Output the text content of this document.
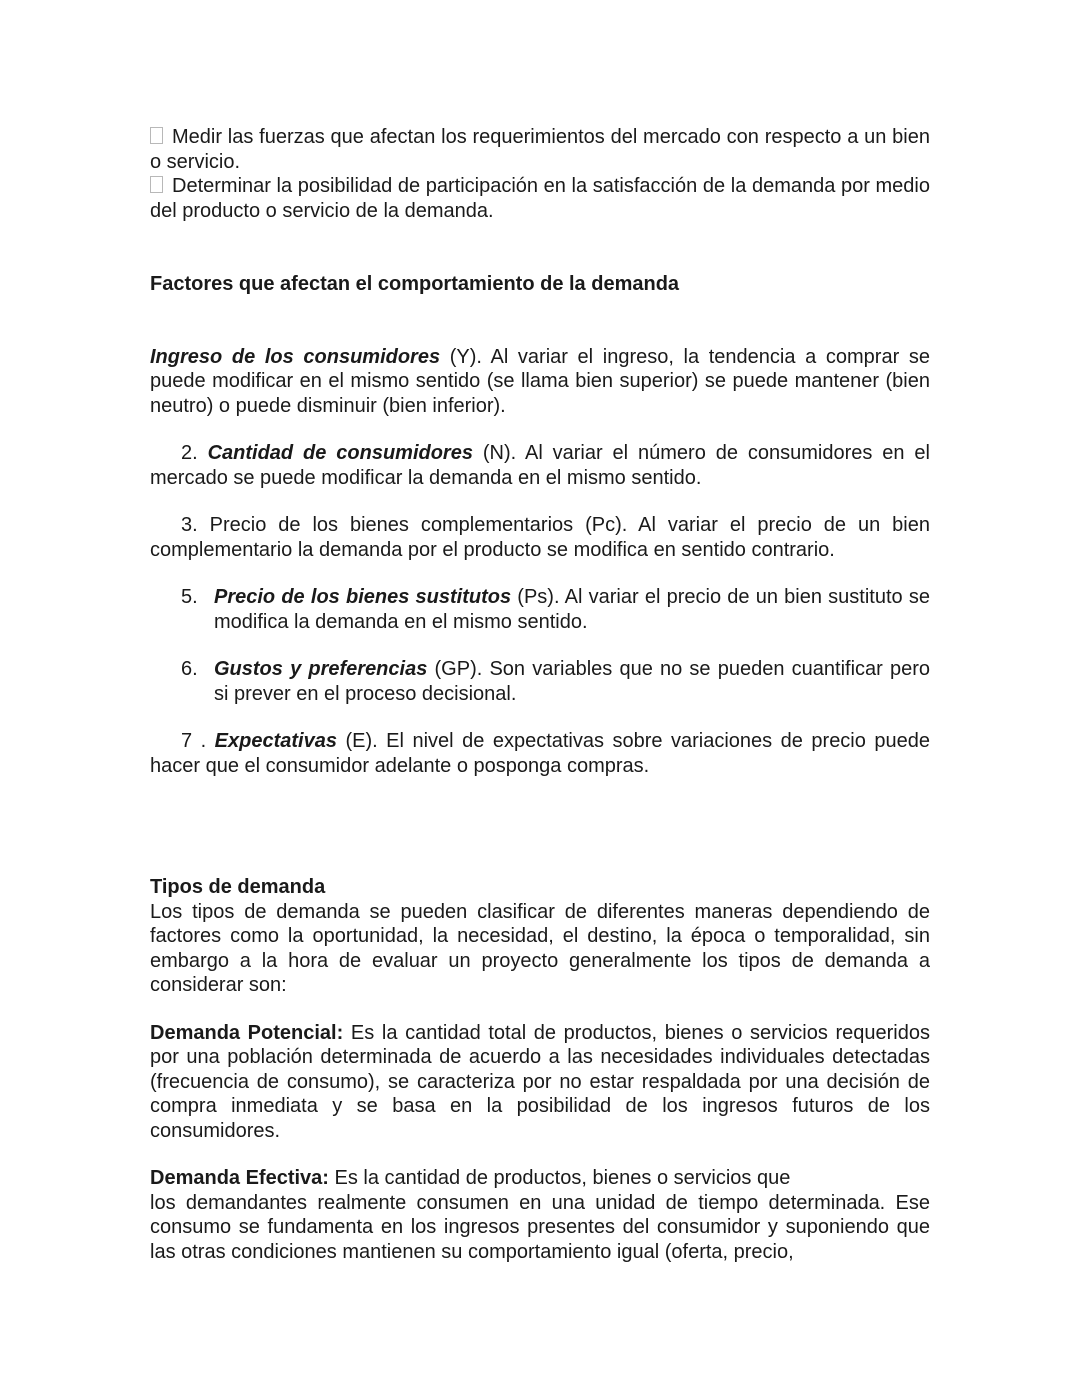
Medir las fuerzas que afectan los requerimientos del mercado con respecto a un bien o servicio.

Determinar la posibilidad de participación en la satisfacción de la demanda por medio del producto o servicio de la demanda.

Factores que afectan el comportamiento de la demanda

Ingreso de los consumidores (Y). Al variar el ingreso, la tendencia a comprar se puede modificar en el mismo sentido (se llama bien superior) se puede mantener (bien neutro) o puede disminuir (bien inferior).

2. Cantidad de consumidores (N). Al variar el número de consumidores en el mercado se puede modificar la demanda en el mismo sentido.

3. Precio de los bienes complementarios (Pc). Al variar el precio de un bien complementario la demanda por el producto se modifica en sentido contrario.

5. Precio de los bienes sustitutos (Ps). Al variar el precio de un bien sustituto se modifica la demanda en el mismo sentido.

6. Gustos y preferencias (GP). Son variables que no se pueden cuantificar pero si prever en el proceso decisional.

7 . Expectativas (E). El nivel de expectativas sobre variaciones de precio puede hacer que el consumidor adelante o posponga compras.

Tipos de demanda

Los tipos de demanda se pueden clasificar de diferentes maneras dependiendo de factores como la oportunidad, la necesidad, el destino, la época o temporalidad, sin embargo a la hora de evaluar un proyecto generalmente los tipos de demanda a considerar son:

Demanda Potencial: Es la cantidad total de productos, bienes o servicios requeridos por una población determinada de acuerdo a las necesidades individuales detectadas (frecuencia de consumo), se caracteriza por no estar respaldada por una decisión de compra inmediata y se basa en la posibilidad de los ingresos futuros de los consumidores.

Demanda Efectiva: Es la cantidad de productos, bienes o servicios que

los demandantes realmente consumen en una unidad de tiempo determinada. Ese consumo se fundamenta en los ingresos presentes del consumidor y suponiendo que las otras condiciones mantienen su comportamiento igual (oferta, precio,
